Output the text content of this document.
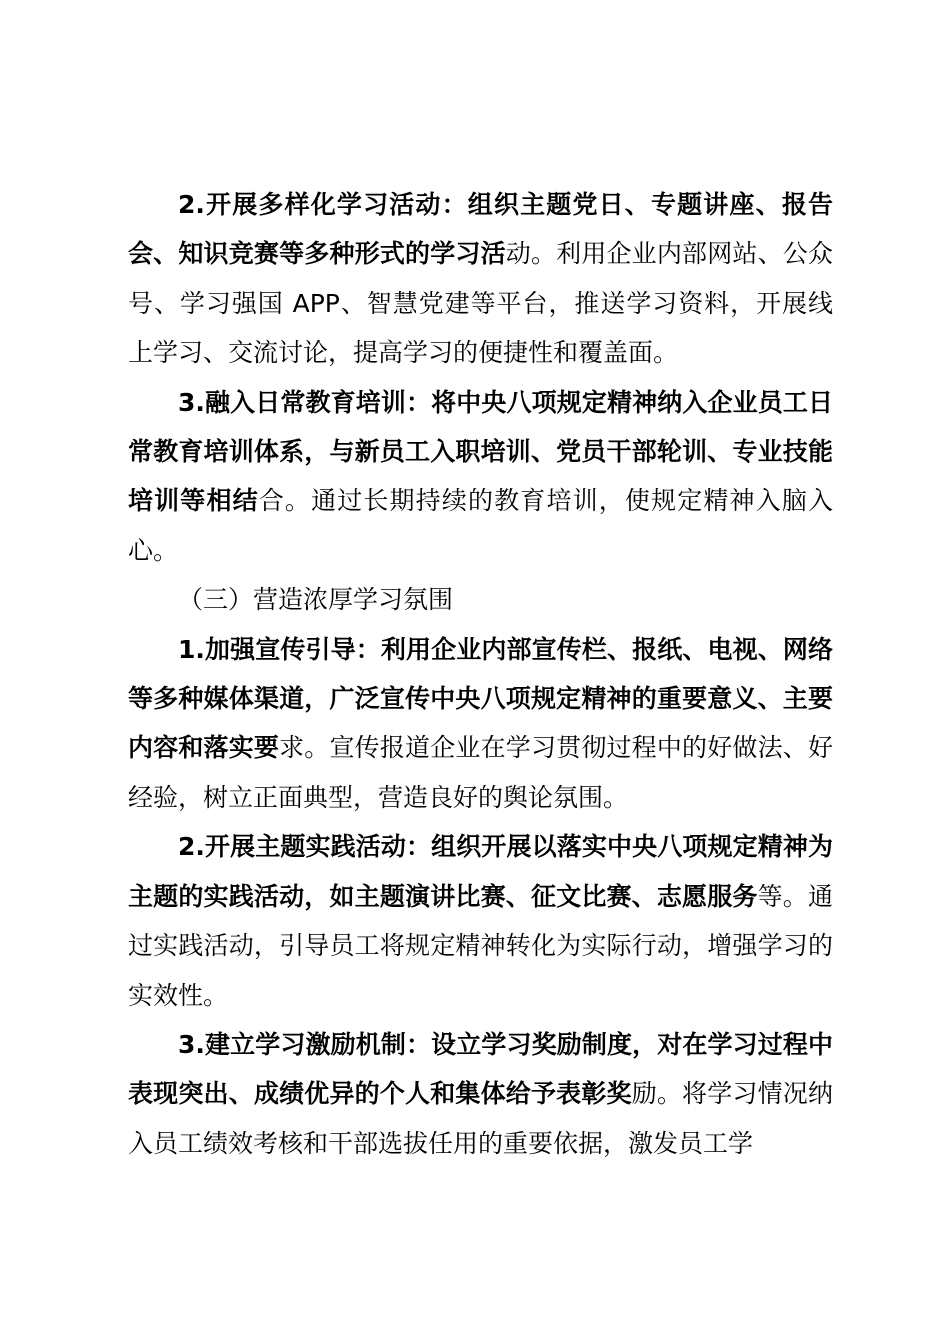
2.开展多样化学习活动：组织主题党日、专题讲座、报告会、知识竞赛等多种形式的学习活动。利用企业内部网站、公众号、学习强国 APP、智慧党建等平台，推送学习资料，开展线上学习、交流讨论，提高学习的便捷性和覆盖面。

3.融入日常教育培训：将中央八项规定精神纳入企业员工日常教育培训体系，与新员工入职培训、党员干部轮训、专业技能培训等相结合。通过长期持续的教育培训，使规定精神入脑入心。

（三）营造浓厚学习氛围

1.加强宣传引导：利用企业内部宣传栏、报纸、电视、网络等多种媒体渠道，广泛宣传中央八项规定精神的重要意义、主要内容和落实要求。宣传报道企业在学习贯彻过程中的好做法、好经验，树立正面典型，营造良好的舆论氛围。

2.开展主题实践活动：组织开展以落实中央八项规定精神为主题的实践活动，如主题演讲比赛、征文比赛、志愿服务等。通过实践活动，引导员工将规定精神转化为实际行动，增强学习的实效性。

3.建立学习激励机制：设立学习奖励制度，对在学习过程中表现突出、成绩优异的个人和集体给予表彰奖励。将学习情况纳入员工绩效考核和干部选拔任用的重要依据，激发员工学
